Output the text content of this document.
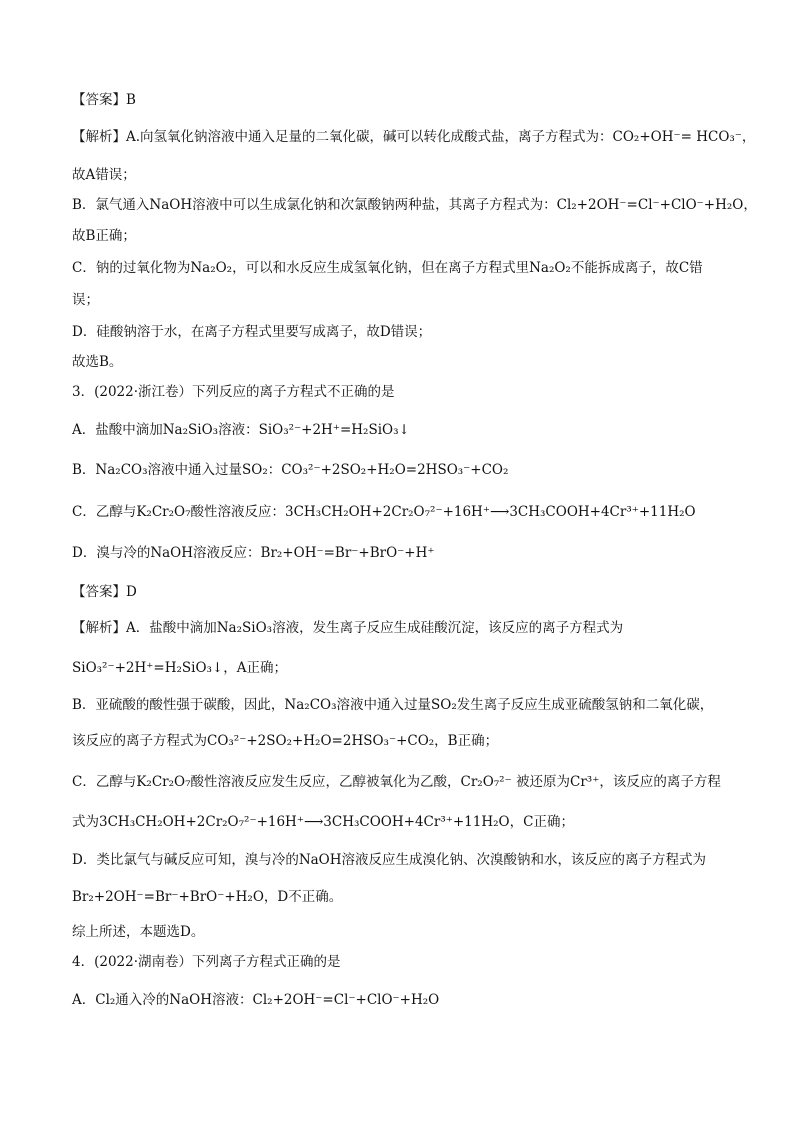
【答案】B
【解析】A.向氢氧化钠溶液中通入足量的二氧化碳，碱可以转化成酸式盐，离子方程式为：CO₂+OH⁻= HCO₃⁻，
故A错误；
B．氯气通入NaOH溶液中可以生成氯化钠和次氯酸钠两种盐，其离子方程式为：Cl₂+2OH⁻=Cl⁻+ClO⁻+H₂O，
故B正确；
C．钠的过氧化物为Na₂O₂，可以和水反应生成氢氧化钠，但在离子方程式里Na₂O₂不能拆成离子，故C错
误；
D．硅酸钠溶于水，在离子方程式里要写成离子，故D错误；
故选B。
3．(2022·浙江卷）下列反应的离子方程式不正确的是
A．盐酸中滴加Na₂SiO₃溶液：SiO₃²⁻+2H⁺=H₂SiO₃↓
B．Na₂CO₃溶液中通入过量SO₂：CO₃²⁻+2SO₂+H₂O=2HSO₃⁻+CO₂
C．乙醇与K₂Cr₂O₇酸性溶液反应：3CH₃CH₂OH+2Cr₂O₇²⁻+16H⁺⟶3CH₃COOH+4Cr³⁺+11H₂O
D．溴与冷的NaOH溶液反应：Br₂+OH⁻=Br⁻+BrO⁻+H⁺
【答案】D
【解析】A．盐酸中滴加Na₂SiO₃溶液，发生离子反应生成硅酸沉淀，该反应的离子方程式为
SiO₃²⁻+2H⁺=H₂SiO₃↓，A正确；
B．亚硫酸的酸性强于碳酸，因此，Na₂CO₃溶液中通入过量SO₂发生离子反应生成亚硫酸氢钠和二氧化碳，
该反应的离子方程式为CO₃²⁻+2SO₂+H₂O=2HSO₃⁻+CO₂，B正确；
C．乙醇与K₂Cr₂O₇酸性溶液反应发生反应，乙醇被氧化为乙酸，Cr₂O₇²⁻ 被还原为Cr³⁺，该反应的离子方程
式为3CH₃CH₂OH+2Cr₂O₇²⁻+16H⁺⟶3CH₃COOH+4Cr³⁺+11H₂O，C正确；
D．类比氯气与碱反应可知，溴与冷的NaOH溶液反应生成溴化钠、次溴酸钠和水，该反应的离子方程式为
Br₂+2OH⁻=Br⁻+BrO⁻+H₂O，D不正确。
综上所述，本题选D。
4．(2022·湖南卷）下列离子方程式正确的是
A．Cl₂通入冷的NaOH溶液：Cl₂+2OH⁻=Cl⁻+ClO⁻+H₂O
